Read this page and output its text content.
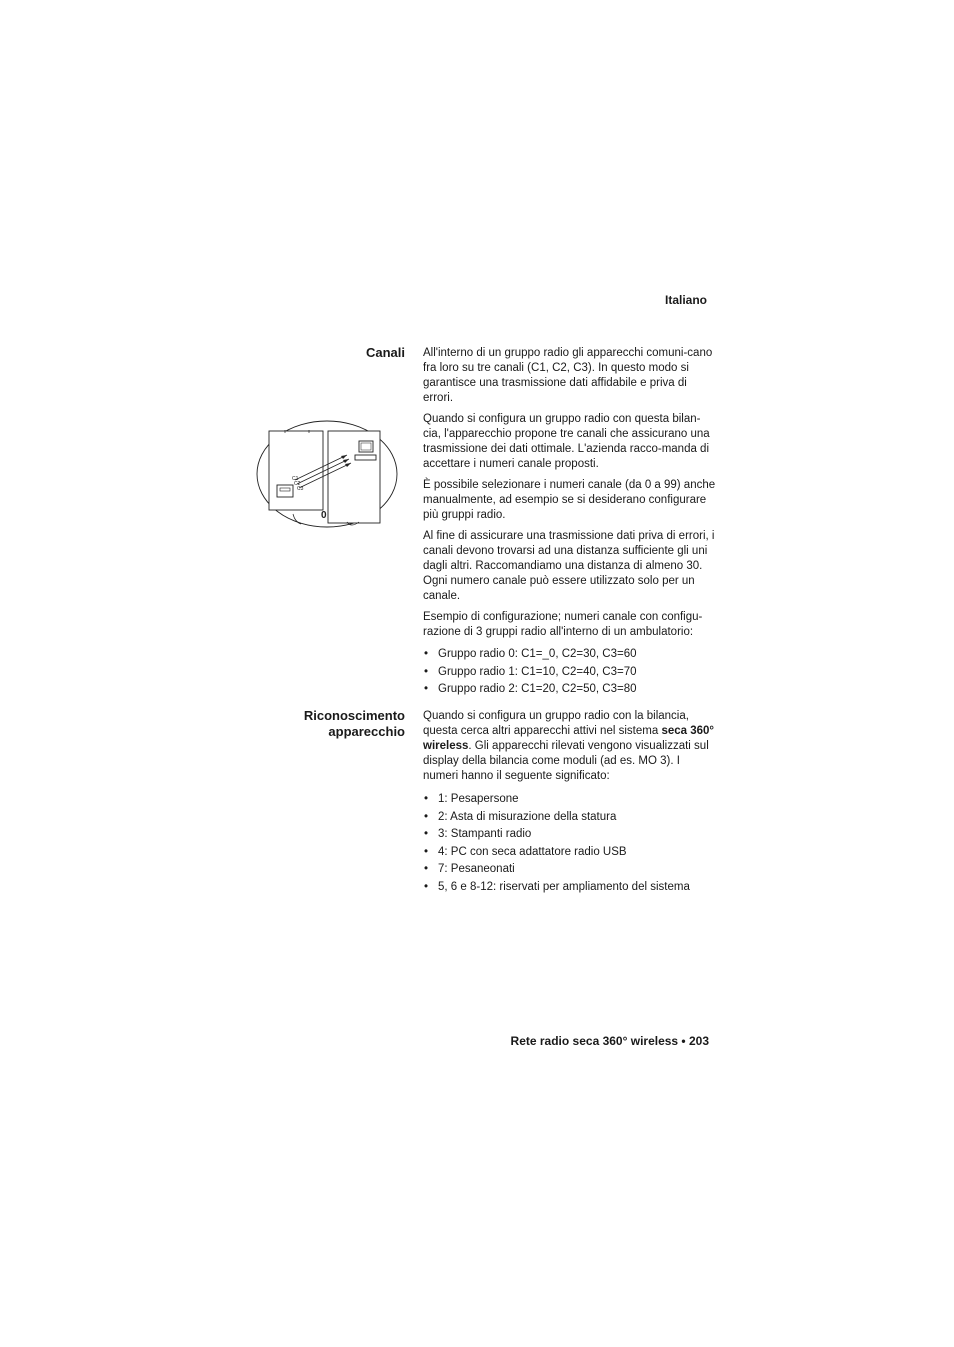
Italiano
Canali All'interno di un gruppo radio gli apparecchi comuni-cano fra loro su tre canali (C1, C2, C3). In questo modo si garantisce una trasmissione dati affidabile e priva di errori.

Quando si configura un gruppo radio con questa bilan-cia, l'apparecchio propone tre canali che assicurano una trasmissione dei dati ottimale. L'azienda racco-manda di accettare i numeri canale proposti.

È possibile selezionare i numeri canale (da 0 a 99) anche manualmente, ad esempio se si desiderano configurare più gruppi radio.

Al fine di assicurare una trasmissione dati priva di errori, i canali devono trovarsi ad una distanza sufficiente gli uni dagli altri. Raccomandiamo una distanza di almeno 30. Ogni numero canale può essere utilizzato solo per un canale.

Esempio di configurazione; numeri canale con configu-razione di 3 gruppi radio all'interno di un ambulatorio:

• Gruppo radio 0: C1=_0, C2=30, C3=60
• Gruppo radio 1: C1=10, C2=40, C3=70
• Gruppo radio 2: C1=20, C2=50, C3=80
C1
C2
C3
0
Riconoscimento
apparecchio

Quando si configura un gruppo radio con la bilancia, questa cerca altri apparecchi attivi nel sistema seca 360° wireless. Gli apparecchi rilevati vengono visualizzati sul display della bilancia come moduli (ad es. MO 3). I numeri hanno il seguente significato:

• 1: Pesapersone
• 2: Asta di misurazione della statura
• 3: Stampanti radio
• 4: PC con seca adattatore radio USB
• 7: Pesaneonati
• 5, 6 e 8-12: riservati per ampliamento del sistema
Rete radio seca 360° wireless • 203
